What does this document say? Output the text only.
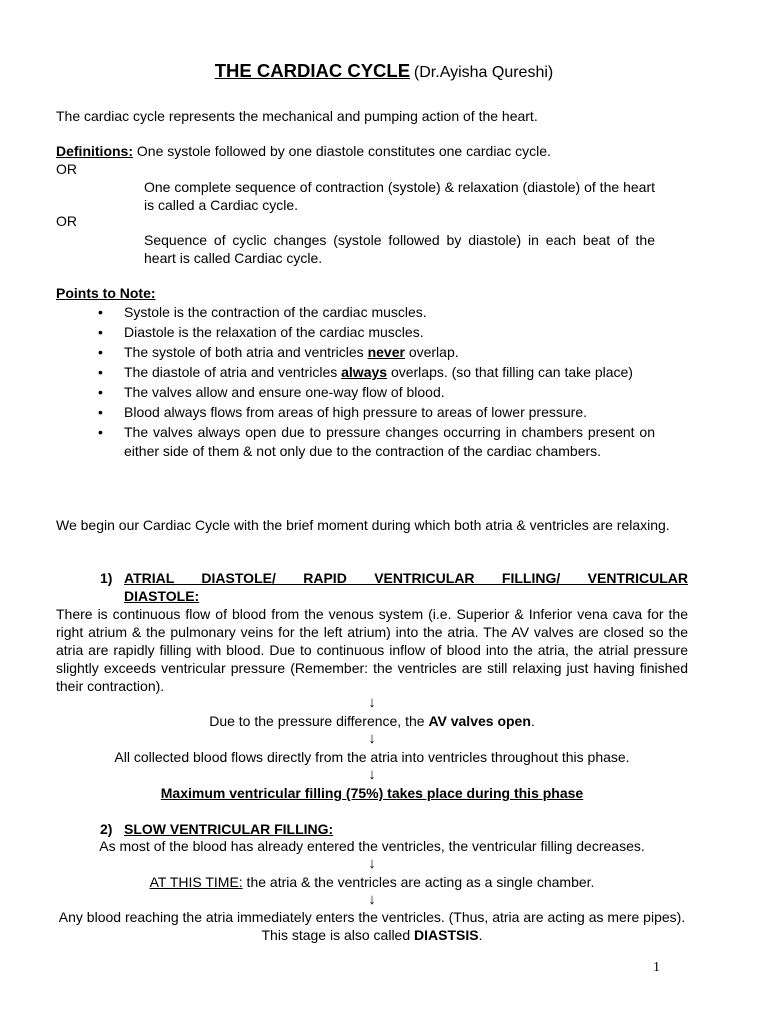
THE CARDIAC CYCLE (Dr.Ayisha Qureshi)
The cardiac cycle represents the mechanical and pumping action of the heart.
Definitions: One systole followed by one diastole constitutes one cardiac cycle.
OR
One complete sequence of contraction (systole) & relaxation (diastole) of the heart is called a Cardiac cycle.
OR
Sequence of cyclic changes (systole followed by diastole) in each beat of the heart is called Cardiac cycle.
Points to Note:
• Systole is the contraction of the cardiac muscles.
• Diastole is the relaxation of the cardiac muscles.
• The systole of both atria and ventricles never overlap.
• The diastole of atria and ventricles always overlaps. (so that filling can take place)
• The valves allow and ensure one-way flow of blood.
• Blood always flows from areas of high pressure to areas of lower pressure.
• The valves always open due to pressure changes occurring in chambers present on either side of them & not only due to the contraction of the cardiac chambers.
We begin our Cardiac Cycle with the brief moment during which both atria & ventricles are relaxing.
1) ATRIAL DIASTOLE/ RAPID VENTRICULAR FILLING/ VENTRICULAR
DIASTOLE:
There is continuous flow of blood from the venous system (i.e. Superior & Inferior vena cava for the right atrium & the pulmonary veins for the left atrium) into the atria. The AV valves are closed so the atria are rapidly filling with blood. Due to continuous inflow of blood into the atria, the atrial pressure slightly exceeds ventricular pressure (Remember: the ventricles are still relaxing just having finished their contraction).
↓
Due to the pressure difference, the AV valves open.
↓
All collected blood flows directly from the atria into ventricles throughout this phase.
↓
Maximum ventricular filling (75%) takes place during this phase
2) SLOW VENTRICULAR FILLING:
As most of the blood has already entered the ventricles, the ventricular filling decreases.
↓
AT THIS TIME: the atria & the ventricles are acting as a single chamber.
↓
Any blood reaching the atria immediately enters the ventricles. (Thus, atria are acting as mere pipes). This stage is also called DIASTSIS.
1
